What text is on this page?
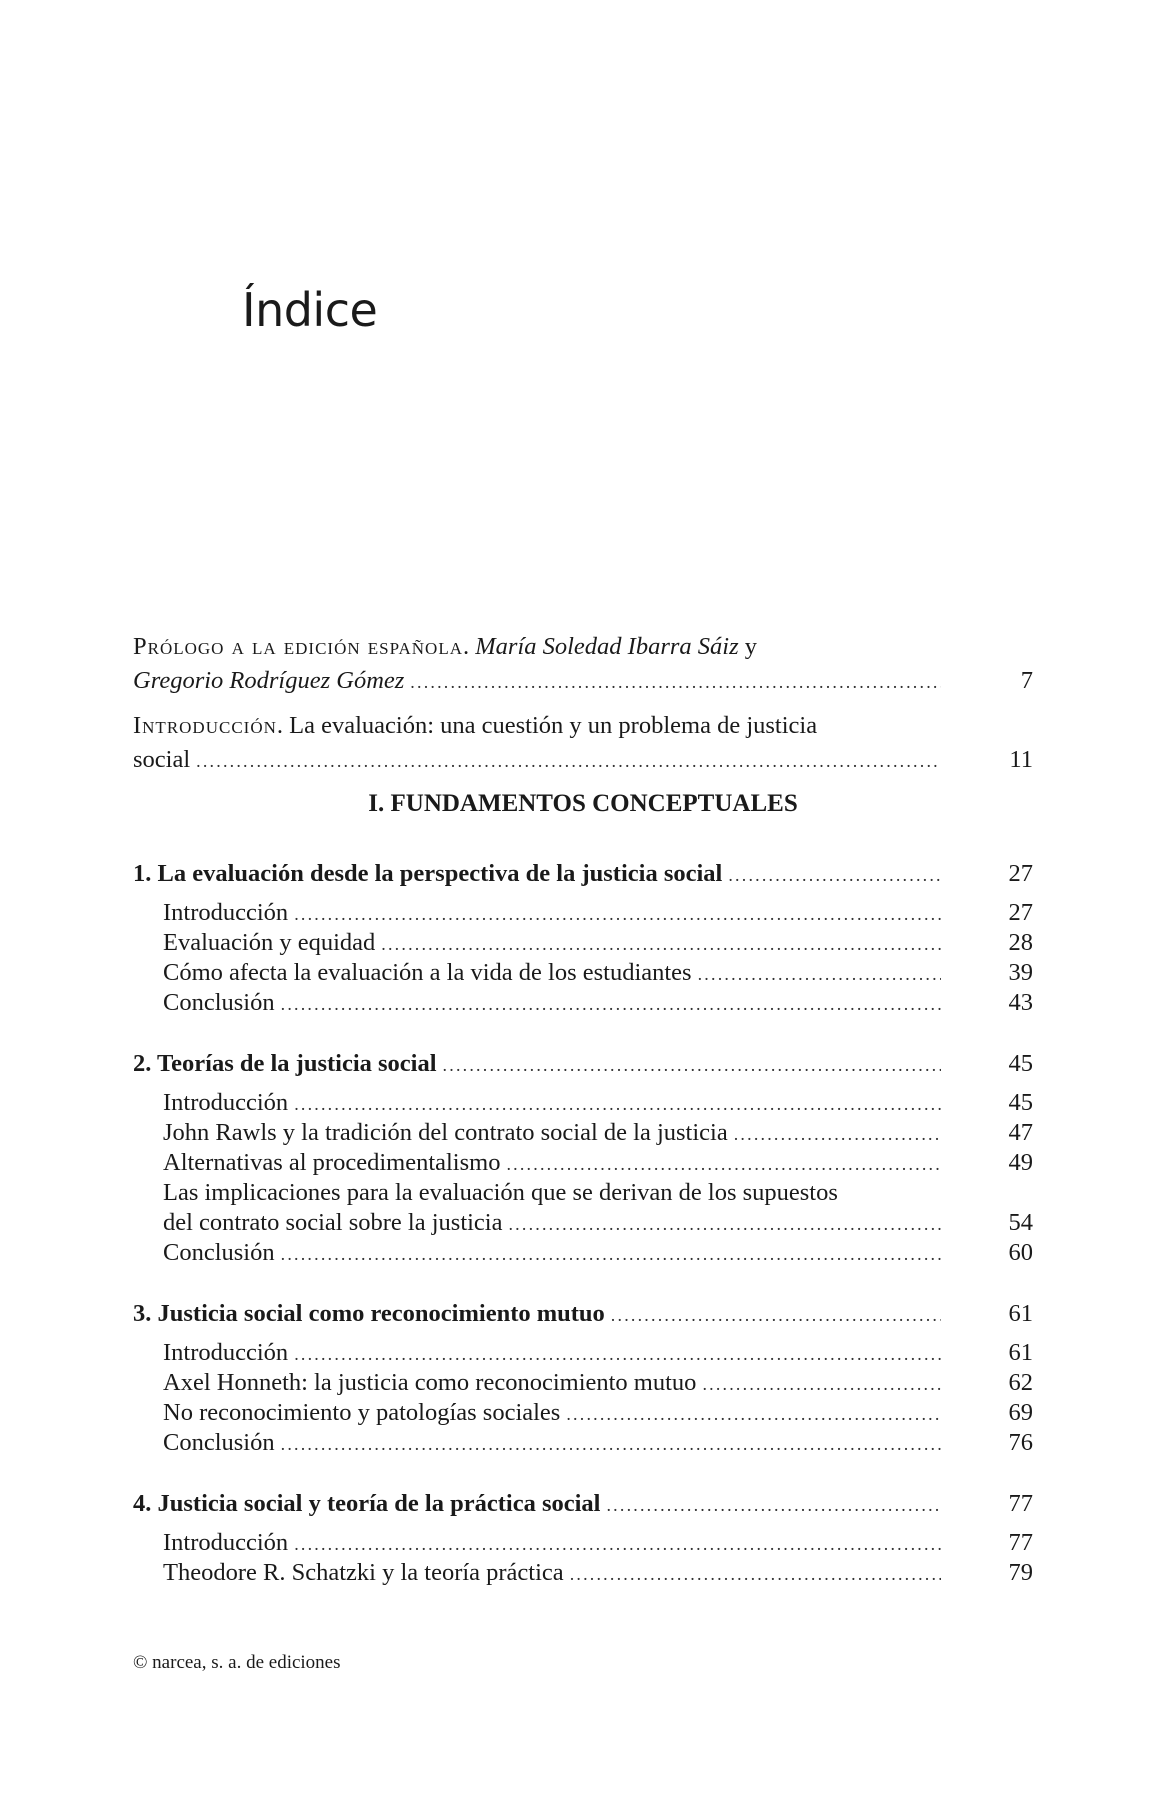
Índice
Prólogo a la edición española. María Soledad Ibarra Sáiz y
Gregorio Rodríguez Gómez .....	7
Introducción. La evaluación: una cuestión y un problema de justicia
social .....	11
I. FUNDAMENTOS CONCEPTUALES
1. La evaluación desde la perspectiva de la justicia social .....	27
Introducción .....	27
Evaluación y equidad .....	28
Cómo afecta la evaluación a la vida de los estudiantes .....	39
Conclusión .....	43
2. Teorías de la justicia social .....	45
Introducción .....	45
John Rawls y la tradición del contrato social de la justicia .....	47
Alternativas al procedimentalismo .....	49
Las implicaciones para la evaluación que se derivan de los supuestos
del contrato social sobre la justicia .....	54
Conclusión .....	60
3. Justicia social como reconocimiento mutuo .....	61
Introducción .....	61
Axel Honneth: la justicia como reconocimiento mutuo .....	62
No reconocimiento y patologías sociales .....	69
Conclusión .....	76
4. Justicia social y teoría de la práctica social .....	77
Introducción .....	77
Theodore R. Schatzki y la teoría práctica .....	79
© narcea, s. a. de ediciones
